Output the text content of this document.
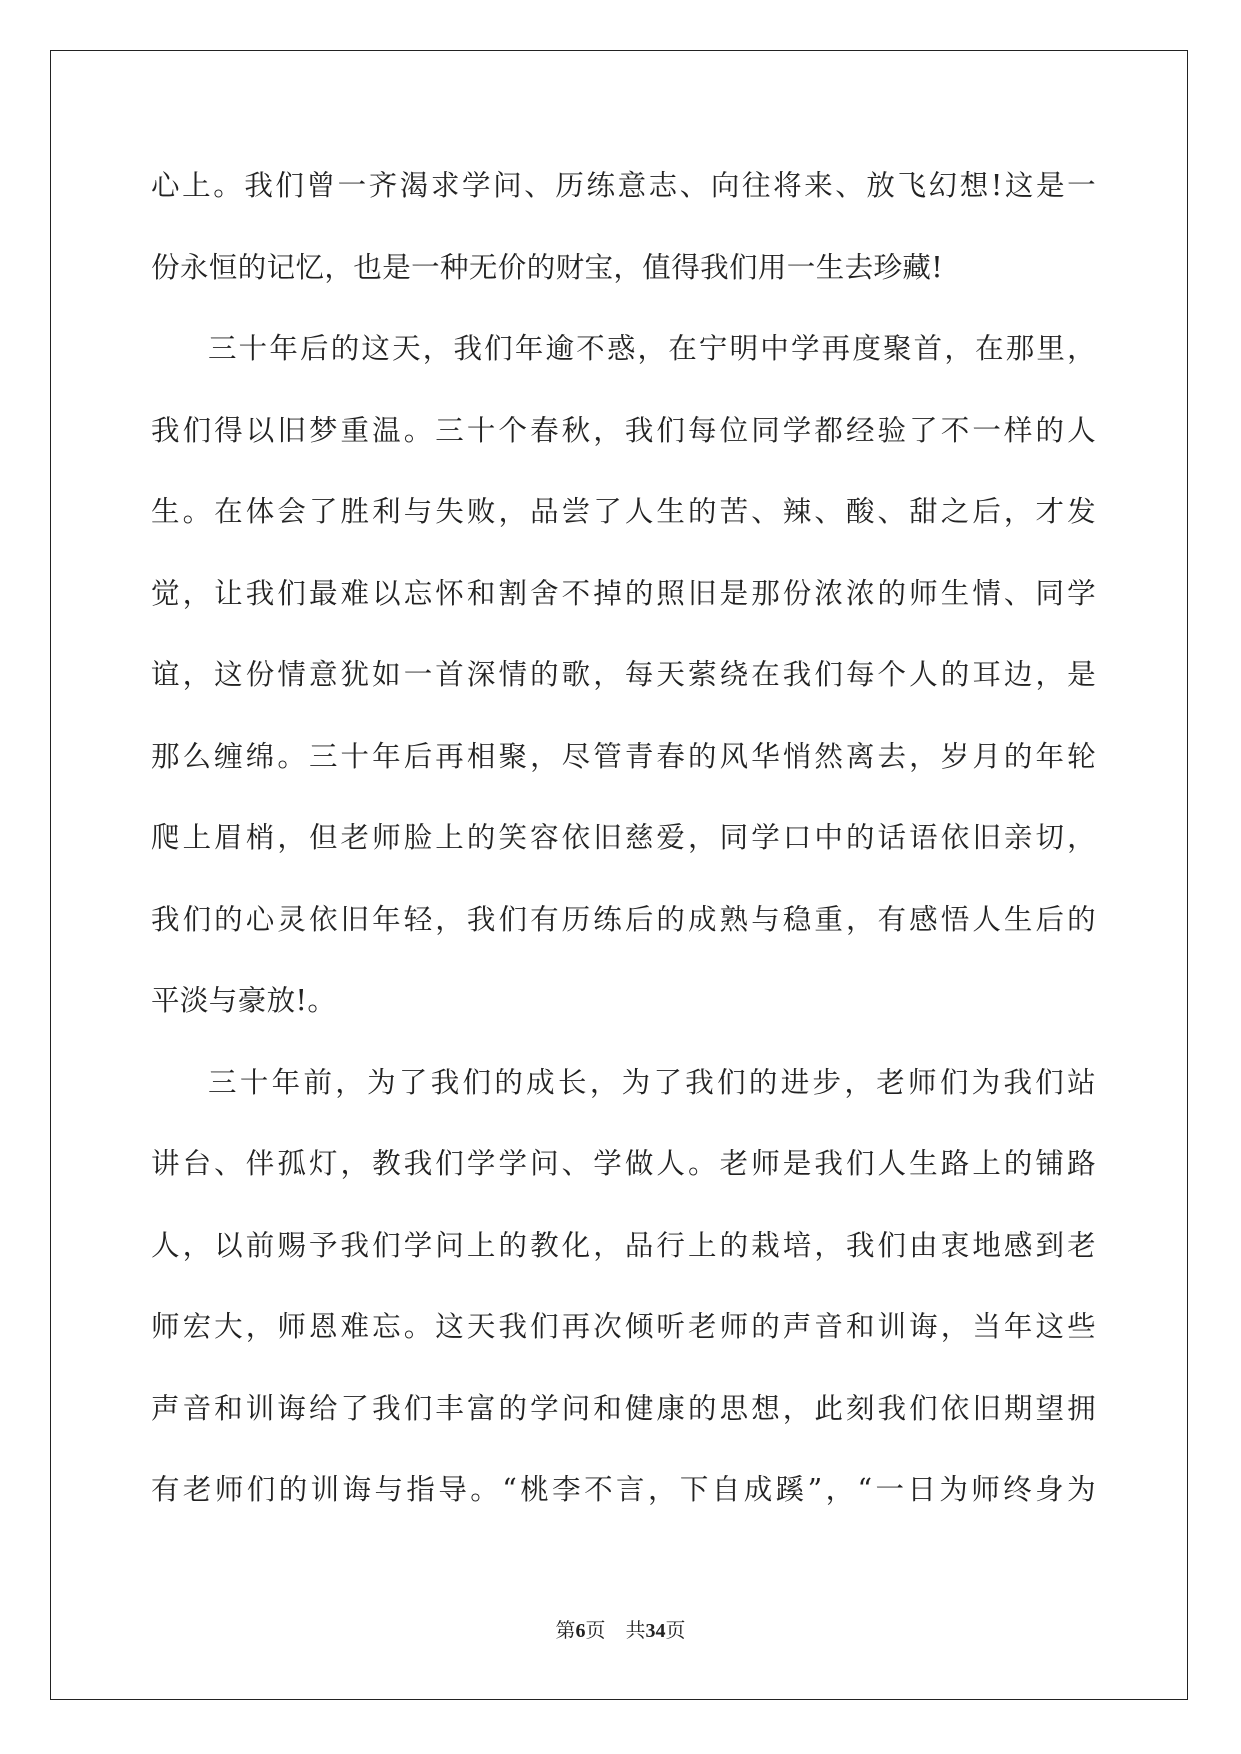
心上。我们曾一齐渴求学问、历练意志、向往将来、放飞幻想!这是一
份永恒的记忆，也是一种无价的财宝，值得我们用一生去珍藏!
三十年后的这天，我们年逾不惑，在宁明中学再度聚首，在那里，
我们得以旧梦重温。三十个春秋，我们每位同学都经验了不一样的人
生。在体会了胜利与失败，品尝了人生的苦、辣、酸、甜之后，才发
觉，让我们最难以忘怀和割舍不掉的照旧是那份浓浓的师生情、同学
谊，这份情意犹如一首深情的歌，每天萦绕在我们每个人的耳边，是
那么缠绵。三十年后再相聚，尽管青春的风华悄然离去，岁月的年轮
爬上眉梢，但老师脸上的笑容依旧慈爱，同学口中的话语依旧亲切，
我们的心灵依旧年轻，我们有历练后的成熟与稳重，有感悟人生后的
平淡与豪放!。
三十年前，为了我们的成长，为了我们的进步，老师们为我们站
讲台、伴孤灯，教我们学学问、学做人。老师是我们人生路上的铺路
人，以前赐予我们学问上的教化，品行上的栽培，我们由衷地感到老
师宏大，师恩难忘。这天我们再次倾听老师的声音和训诲，当年这些
声音和训诲给了我们丰富的学问和健康的思想，此刻我们依旧期望拥
有老师们的训诲与指导。“桃李不言，下自成蹊”，“一日为师终身为
第6页 共34页
